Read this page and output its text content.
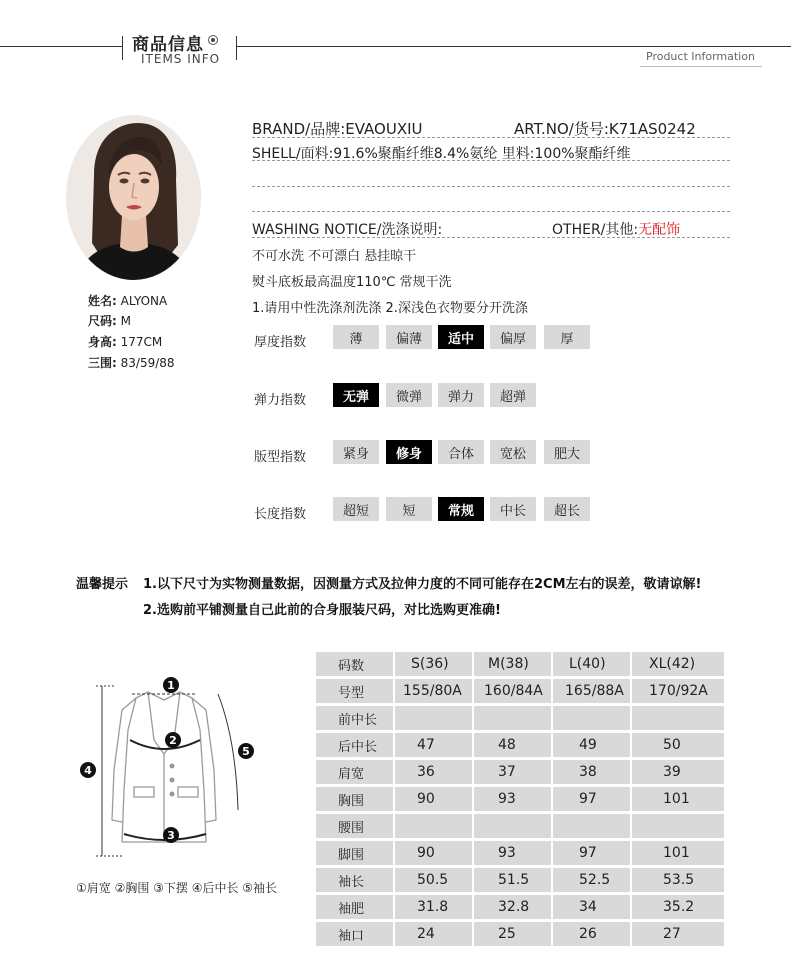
商品信息
ITEMS INFO	Product Information
姓名: ALYONA
尺码: M
身高: 177CM
三围: 83/59/88
BRAND/品牌:EVAOUXIU	ART.NO/货号:K71AS0242
SHELL/面料:91.6%聚酯纤维8.4%氨纶 里料:100%聚酯纤维
WASHING NOTICE/洗涤说明:	OTHER/其他:无配饰
不可水洗 不可漂白 悬挂晾干
熨斗底板最高温度110℃ 常规干洗
1.请用中性洗涤剂洗涤 2.深浅色衣物要分开洗涤
厚度指数	薄	偏薄	适中	偏厚	厚
弹力指数	无弹	微弹	弹力	超弹
版型指数	紧身	修身	合体	宽松	肥大
长度指数	超短	短	常规	中长	超长
温馨提示 1.以下尺寸为实物测量数据，因测量方式及拉伸力度的不同可能存在2CM左右的误差，敬请谅解!
2.选购前平铺测量自己此前的合身服装尺码，对比选购更准确!
1
2
3
4
5
①肩宽 ②胸围 ③下摆 ④后中长 ⑤袖长
码数	S(36)	M(38)	L(40)	XL(42)
号型	155/80A	160/84A	165/88A	170/92A
前中长
后中长	47	48	49	50
肩宽	36	37	38	39
胸围	90	93	97	101
腰围
脚围	90	93	97	101
袖长	50.5	51.5	52.5	53.5
袖肥	31.8	32.8	34	35.2
袖口	24	25	26	27
